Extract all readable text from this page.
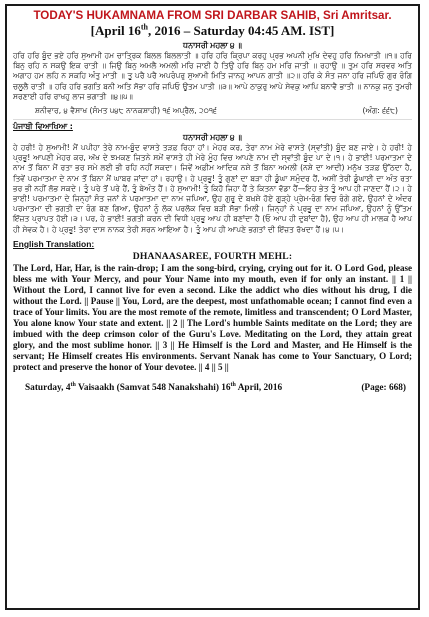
TODAY'S HUKAMNAMA FROM SRI DARBAR SAHIB, Sri Amritsar.

[April 16th, 2016 – Saturday 04:45 AM. IST]

ਧਨਾਸਰੀ ਮਹਲਾ ੪ ॥

ਹਰਿ ਹਰਿ ਬੂੰਦ ਭਏ ਹਰਿ ਸੁਆਮੀ ਹਮ ਚਾਤ੍ਰਿਕ ਬਿਲਲ ਬਿਲਲਾਤੀ ॥ ਹਰਿ ਹਰਿ ਕ੍ਰਿਪਾ ਕਰਹੁ ਪ੍ਰਭ ਅਪਨੀ ਮੁਖਿ ਦੇਵਹੁ ਹਰਿ ਨਿਮਖਾਤੀ ॥੧॥ ਹਰਿ ਬਿਨੁ ਰਹਿ ਨ ਸਕਉ ਇਕ ਰਾਤੀ ॥ ਜਿਉ ਬਿਨੁ ਅਮਲੈ ਅਮਲੀ ਮਰਿ ਜਾਈ ਹੈ ਤਿਉ ਹਰਿ ਬਿਨੁ ਹਮ ਮਰਿ ਜਾਤੀ ॥ ਰਹਾਉ ॥ ਤੁਮ ਹਰਿ ਸਰਵਰ ਅਤਿ ਅਗਾਹ ਹਮ ਲਹਿ ਨ ਸਕਹਿ ਅੰਤੁ ਮਾਤੀ ॥ ਤੂ ਪਰੈ ਪਰੈ ਅਪਰੰਪਰੁ ਸੁਆਮੀ ਮਿਤਿ ਜਾਨਹੁ ਆਪਨ ਗਾਤੀ ॥੨॥ ਹਰਿ ਕੇ ਸੰਤ ਜਨਾ ਹਰਿ ਜਪਿਓ ਗੁਰ ਰੰਗਿ ਚਲੂਲੈ ਰਾਤੀ ॥ ਹਰਿ ਹਰਿ ਭਗਤਿ ਬਨੀ ਅਤਿ ਸੋਭਾ ਹਰਿ ਜਪਿਓ ਊਤਮ ਪਾਤੀ ॥੩॥ ਆਪੇ ਠਾਕੁਰੁ ਆਪੇ ਸੇਵਕੁ ਆਪਿ ਬਨਾਵੈ ਭਾਤੀ ॥ ਨਾਨਕੁ ਜਨੁ ਤੁਮਰੀ ਸਰਣਾਈ ਹਰਿ ਰਾਖਹੁ ਲਾਜ ਭਗਾਤੀ ॥੪॥੫॥

ਸ਼ਨੀਵਾਰ, ੪ ਵੈਸਾਖ (ਸੰਮਤ ੫੪੮ ਨਾਨਕਸ਼ਾਹੀ) ੧੬ ਅਪ੍ਰੈਲ, ੨੦੧੬	(ਅੰਗ: ੬੬੮)

ਪੰਜਾਬੀ ਵਿਆਖਿਆ :

ਧਨਾਸਰੀ ਮਹਲਾ ੪ ॥

ਹੇ ਹਰੀ! ਹੇ ਸੁਆਮੀ! ਮੈਂ ਪਪੀਹਾ ਤੇਰੇ ਨਾਮ-ਬੂੰਦ ਵਾਸਤੇ ਤੜਫ਼ ਰਿਹਾ ਹਾਂ। ਮੇਹਰ ਕਰ, ਤੇਰਾ ਨਾਮ ਮੇਰੇ ਵਾਸਤੇ (ਸ੍ਵਾਂਤੀ) ਬੂੰਦ ਬਣ ਜਾਏ। ਹੇ ਹਰੀ! ਹੇ ਪ੍ਰਭੂ! ਆਪਣੀ ਮੇਹਰ ਕਰ, ਅੱਖ ਦੇ ਝਮਕਣ ਜਿਤਨੇ ਸਮੇਂ ਵਾਸਤੇ ਹੀ ਮੇਰੇ ਮੂੰਹ ਵਿਚ ਆਪਣੇ ਨਾਮ ਦੀ ਸ੍ਵਾਂਤੀ ਬੂੰਦ ਪਾ ਦੇ।੧। ਹੇ ਭਾਈ! ਪਰਮਾਤਮਾ ਦੇ ਨਾਮ ਤੋਂ ਬਿਨਾ ਮੈਂ ਰਤਾ ਭਰ ਸਮੇ ਲਈ ਭੀ ਰਹਿ ਨਹੀਂ ਸਕਦਾ। ਜਿਵੇਂ ਅਫ਼ੀਮ ਆਦਿਕ ਨਸ਼ੇ ਤੋਂ ਬਿਨਾ ਅਮਲੀ (ਨਸ਼ੇ ਦਾ ਆਦੀ) ਮਨੁੱਖ ਤੜਫ਼ ਉੱਠਦਾ ਹੈ, ਤਿਵੇਂ ਪਰਮਾਤਮਾ ਦੇ ਨਾਮ ਤੋਂ ਬਿਨਾ ਮੈਂ ਘਾਬਰ ਜਾਂਦਾ ਹਾਂ। ਰਹਾਉ। ਹੇ ਪ੍ਰਭੂ! ਤੂੰ ਗੁਣਾਂ ਦਾ ਬੜਾ ਹੀ ਡੂੰਘਾ ਸਮੁੰਦਰ ਹੈਂ, ਅਸੀਂ ਤੇਰੀ ਡੂੰਘਾਈ ਦਾ ਅੰਤ ਰਤਾ ਭਰ ਭੀ ਨਹੀਂ ਲੱਭ ਸਕਦੇ। ਤੂੰ ਪਰੇ ਤੋਂ ਪਰੇ ਹੈਂ, ਤੂੰ ਬੇਅੰਤ ਹੈਂ। ਹੇ ਸੁਆਮੀ! ਤੂੰ ਕਿਹੋ ਜਿਹਾ ਹੈਂ ਤੇ ਕਿਤਨਾ ਵੱਡਾ ਹੈਂ—ਇਹ ਭੇਤ ਤੂੰ ਆਪ ਹੀ ਜਾਣਦਾ ਹੈਂ।੨। ਹੇ ਭਾਈ! ਪਰਮਾਤਮਾ ਦੇ ਜਿਨ੍ਹਾਂ ਸੰਤ ਜਨਾਂ ਨੇ ਪਰਮਾਤਮਾ ਦਾ ਨਾਮ ਜਪਿਆ, ਉਹ ਗੁਰੂ ਦੇ ਬਖ਼ਸ਼ੇ ਹੋਏ ਗੂੜ੍ਹੇ ਪ੍ਰੇਮ-ਰੰਗ ਵਿਚ ਰੰਗੇ ਗਏ, ਉਹਨਾਂ ਦੇ ਅੰਦਰ ਪਰਮਾਤਮਾ ਦੀ ਭਗਤੀ ਦਾ ਰੰਗ ਬਣ ਗਿਆ, ਉਹਨਾਂ ਨੂੰ ਲੋਕ ਪਰਲੋਕ ਵਿਚ ਬੜੀ ਸੋਭਾ ਮਿਲੀ। ਜਿਨ੍ਹਾਂ ਨੇ ਪ੍ਰਭੂ ਦਾ ਨਾਮ ਜਪਿਆ, ਉਹਨਾਂ ਨੂੰ ਉੱਤਮ ਇੱਜ਼ਤ ਪ੍ਰਾਪਤ ਹੋਈ।੩। ਪਰ, ਹੇ ਭਾਈ! ਭਗਤੀ ਕਰਨ ਦੀ ਵਿਧੀ ਪ੍ਰਭੂ ਆਪ ਹੀ ਬਣਾਂਦਾ ਹੈ (ਓ ਆਪ ਹੀ ਦੁਬਾਂਦਾ ਹੈ), ਉਹ ਆਪ ਹੀ ਮਾਲਕ ਹੈ ਆਪ ਹੀ ਸੇਵਕ ਹੈ। ਹੇ ਪ੍ਰਭੂ! ਤੇਰਾ ਦਾਸ ਨਾਨਕ ਤੇਰੀ ਸਰਨ ਆਇਆ ਹੈ। ਤੂੰ ਆਪ ਹੀ ਆਪਣੇ ਭਗਤਾਂ ਦੀ ਇੱਜ਼ਤ ਰੱਖਦਾ ਹੈਂ।੪।੫।

English Translation:

DHANAASAREE, FOURTH MEHL:

The Lord, Har, Har, is the rain-drop; I am the song-bird, crying, crying out for it. O Lord God, please bless me with Your Mercy, and pour Your Name into my mouth, even if for only an instant. || 1 || Without the Lord, I cannot live for even a second. Like the addict who dies without his drug, I die without the Lord. || Pause || You, Lord, are the deepest, most unfathomable ocean; I cannot find even a trace of Your limits. You are the most remote of the remote, limitless and transcendent; O Lord Master, You alone know Your state and extent. || 2 || The Lord's humble Saints meditate on the Lord; they are imbued with the deep crimson color of the Guru's Love. Meditating on the Lord, they attain great glory, and the most sublime honor. || 3 || He Himself is the Lord and Master, and He Himself is the servant; He Himself creates His environments. Servant Nanak has come to Your Sanctuary, O Lord; protect and preserve the honor of Your devotee. || 4 || 5 ||

Saturday, 4th Vaisaakh (Samvat 548 Nanakshahi) 16th April, 2016	(Page: 668)
